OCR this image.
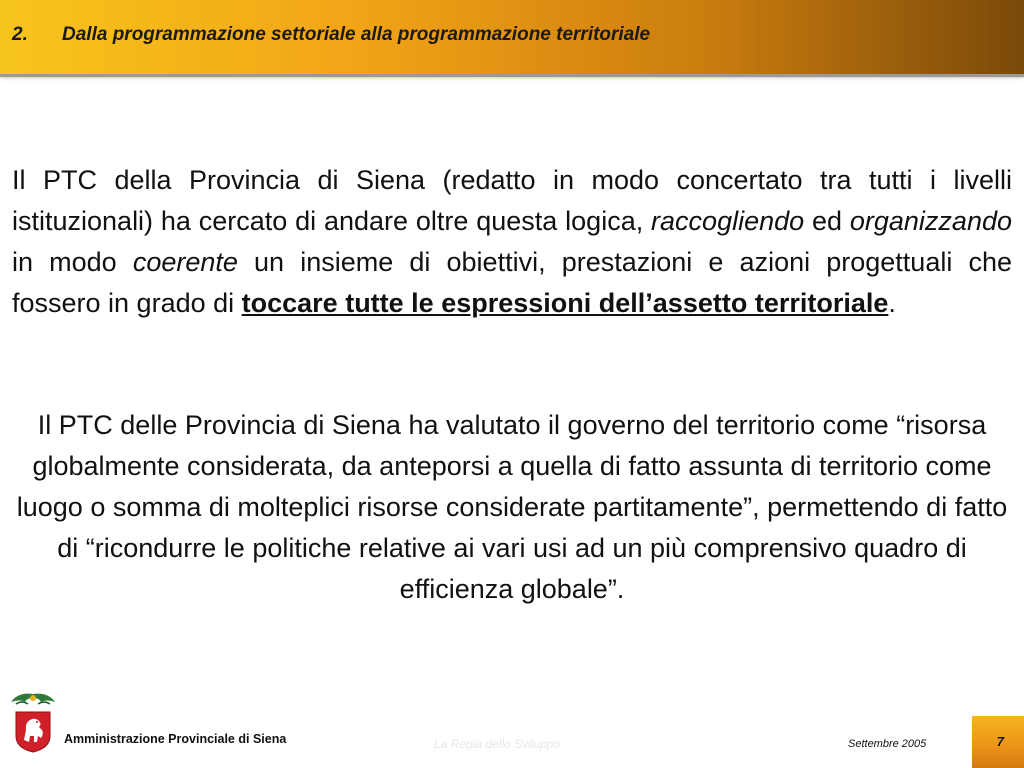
2. Dalla programmazione settoriale alla programmazione territoriale
Il PTC della Provincia di Siena (redatto in modo concertato tra tutti i livelli istituzionali) ha cercato di andare oltre questa logica, raccogliendo ed organizzando in modo coerente un insieme di obiettivi, prestazioni e azioni progettuali che fossero in grado di toccare tutte le espressioni dell’assetto territoriale.
Il PTC delle Provincia di Siena ha valutato il governo del territorio come “risorsa globalmente considerata, da anteporsi a quella di fatto assunta di territorio come luogo o somma di molteplici risorse considerate partitamente”, permettendo di fatto di “ricondurre le politiche relative ai vari usi ad un più comprensivo quadro di efficienza globale”.
Amministrazione Provinciale di Siena	La Regia dello Sviluppo	Settembre 2005	7
